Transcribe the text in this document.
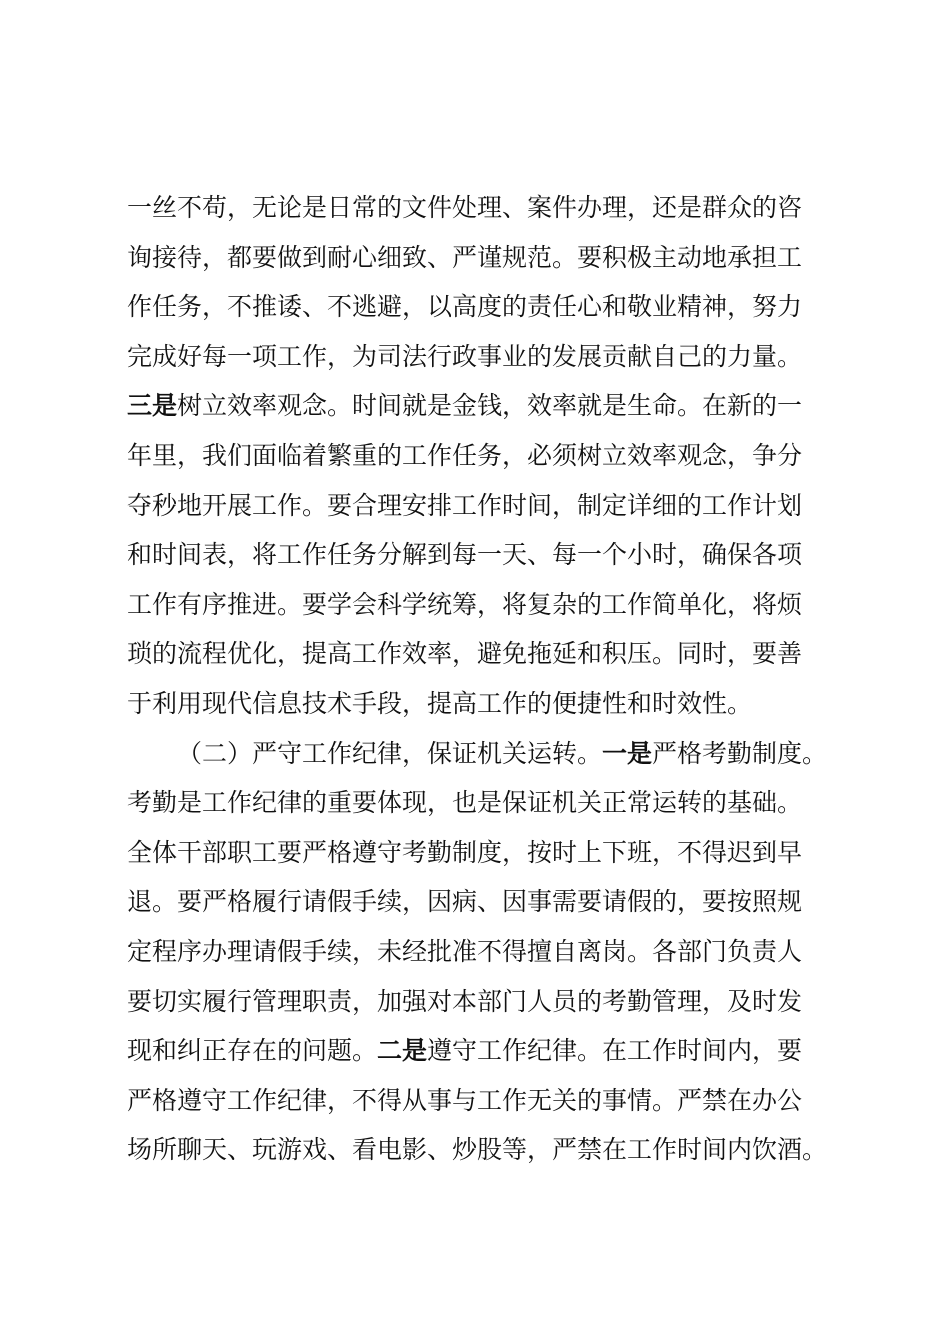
一丝不苟，无论是日常的文件处理、案件办理，还是群众的咨
询接待，都要做到耐心细致、严谨规范。要积极主动地承担工
作任务，不推诿、不逃避，以高度的责任心和敬业精神，努力
完成好每一项工作，为司法行政事业的发展贡献自己的力量。
三是树立效率观念。时间就是金钱，效率就是生命。在新的一
年里，我们面临着繁重的工作任务，必须树立效率观念，争分
夺秒地开展工作。要合理安排工作时间，制定详细的工作计划
和时间表，将工作任务分解到每一天、每一个小时，确保各项
工作有序推进。要学会科学统筹，将复杂的工作简单化，将烦
琐的流程优化，提高工作效率，避免拖延和积压。同时，要善
于利用现代信息技术手段，提高工作的便捷性和时效性。
（二）严守工作纪律，保证机关运转。一是严格考勤制度。
考勤是工作纪律的重要体现，也是保证机关正常运转的基础。
全体干部职工要严格遵守考勤制度，按时上下班，不得迟到早
退。要严格履行请假手续，因病、因事需要请假的，要按照规
定程序办理请假手续，未经批准不得擅自离岗。各部门负责人
要切实履行管理职责，加强对本部门人员的考勤管理，及时发
现和纠正存在的问题。二是遵守工作纪律。在工作时间内，要
严格遵守工作纪律，不得从事与工作无关的事情。严禁在办公
场所聊天、玩游戏、看电影、炒股等，严禁在工作时间内饮酒。
